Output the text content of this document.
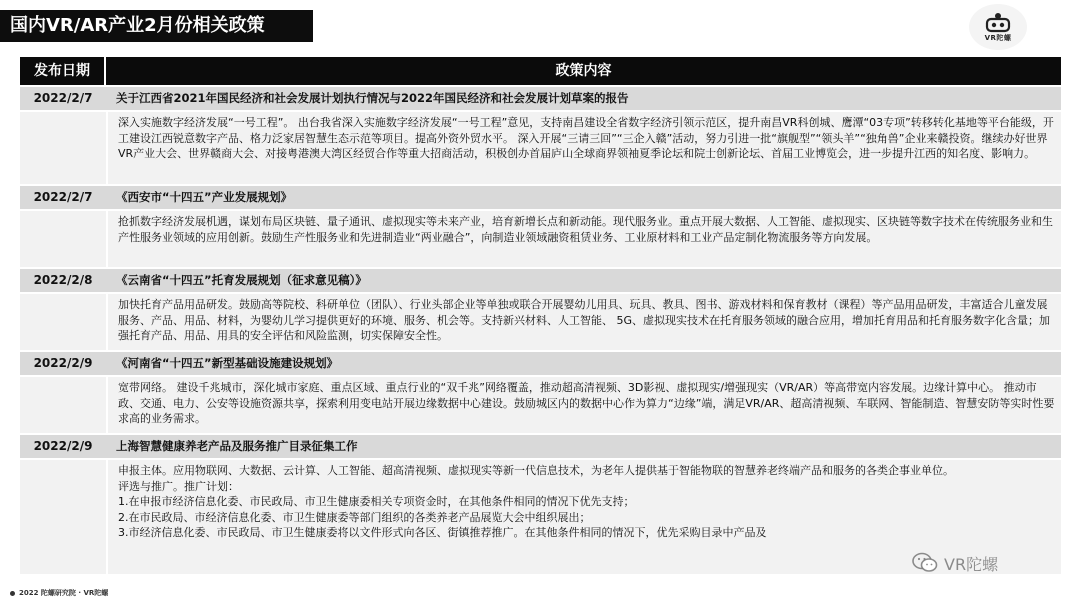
国内VR/AR产业2月份相关政策
VR陀螺
发布日期	政策内容
2022/2/7	关于江西省2021年国民经济和社会发展计划执行情况与2022年国民经济和社会发展计划草案的报告

深入实施数字经济发展“一号工程”。 出台我省深入实施数字经济发展“一号工程”意见，支持南昌建设全省数字经济引领示范区，提升南昌VR科创城、鹰潭“03专项”转移转化基地等平台能级，开工建设江西锐意数字产品、格力泛家居智慧生态示范等项目。提高外资外贸水平。 深入开展“三请三回”“三企入赣”活动，努力引进一批“旗舰型”“领头羊”“独角兽”企业来赣投资。继续办好世界VR产业大会、世界赣商大会、对接粤港澳大湾区经贸合作等重大招商活动，积极创办首届庐山全球商界领袖夏季论坛和院士创新论坛、首届工业博览会，进一步提升江西的知名度、影响力。

2022/2/7	《西安市“十四五”产业发展规划》

抢抓数字经济发展机遇，谋划布局区块链、量子通讯、虚拟现实等未来产业，培育新增长点和新动能。现代服务业。重点开展大数据、人工智能、虚拟现实、区块链等数字技术在传统服务业和生产性服务业领域的应用创新。鼓励生产性服务业和先进制造业“两业融合”，向制造业领域融资租赁业务、工业原材料和工业产品定制化物流服务等方向发展。

2022/2/8	《云南省“十四五”托育发展规划（征求意见稿）》

加快托育产品用品研发。鼓励高等院校、科研单位（团队）、行业头部企业等单独或联合开展婴幼儿用具、玩具、教具、图书、游戏材料和保育教材（课程）等产品用品研发，丰富适合儿童发展服务、产品、用品、材料，为婴幼儿学习提供更好的环境、服务、机会等。支持新兴材料、人工智能、 5G、虚拟现实技术在托育服务领域的融合应用，增加托育用品和托育服务数字化含量；加强托育产品、用品、用具的安全评估和风险监测，切实保障安全性。

2022/2/9	《河南省“十四五”新型基础设施建设规划》

宽带网络。 建设千兆城市，深化城市家庭、重点区域、重点行业的“双千兆”网络覆盖，推动超高清视频、3D影视、虚拟现实/增强现实（VR/AR）等高带宽内容发展。边缘计算中心。 推动市政、交通、电力、公安等设施资源共享，探索利用变电站开展边缘数据中心建设。鼓励城区内的数据中心作为算力“边缘”端，满足VR/AR、超高清视频、车联网、智能制造、智慧安防等实时性要求高的业务需求。

2022/2/9	上海智慧健康养老产品及服务推广目录征集工作

申报主体。应用物联网、大数据、云计算、人工智能、超高清视频、虚拟现实等新一代信息技术，为老年人提供基于智能物联的智慧养老终端产品和服务的各类企事业单位。

评选与推广。推广计划：

1.在申报市经济信息化委、市民政局、市卫生健康委相关专项资金时，在其他条件相同的情况下优先支持；

2.在市民政局、市经济信息化委、市卫生健康委等部门组织的各类养老产品展览大会中组织展出；

3.市经济信息化委、市民政局、市卫生健康委将以文件形式向各区、街镇推荐推广。在其他条件相同的情况下，优先采购目录中产品及

VR陀螺
2022 陀螺研究院 · VR陀螺
